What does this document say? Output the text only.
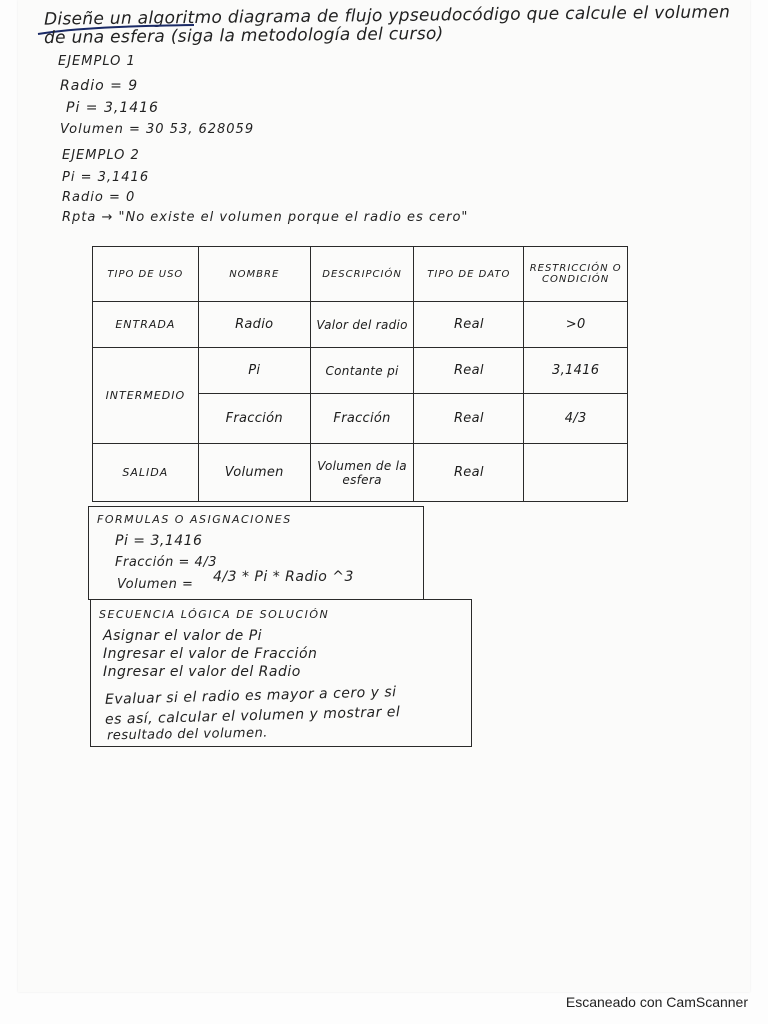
Diseñe un algoritmo diagrama de flujo ypseudocódigo que calcule el volumen
de una esfera (siga la metodología del curso)
EJEMPLO 1
Radio = 9
Pi = 3,1416
Volumen = 30 53, 628059
EJEMPLO 2
Pi = 3,1416
Radio = 0
Rpta → "No existe el volumen porque el radio es cero"
TIPO DE USO	NOMBRE	DESCRIPCIÓN	TIPO DE DATO	RESTRICCIÓN O CONDICIÓN
ENTRADA	Radio	Valor del radio	Real	>0
INTERMEDIO	Pi	Contante pi	Real	3,1416
	Fracción	Fracción	Real	4/3
SALIDA	Volumen	Volumen de la esfera	Real	
FORMULAS O ASIGNACIONES
Pi = 3,1416
Fracción = 4/3
Volumen = 4/3 * Pi * Radio ^3
SECUENCIA LÓGICA DE SOLUCIÓN
Asignar el valor de Pi
Ingresar el valor de Fracción
Ingresar el valor del Radio
Evaluar si el radio es mayor a cero y si
es así, calcular el volumen y mostrar el
resultado del volumen.
Escaneado con CamScanner
